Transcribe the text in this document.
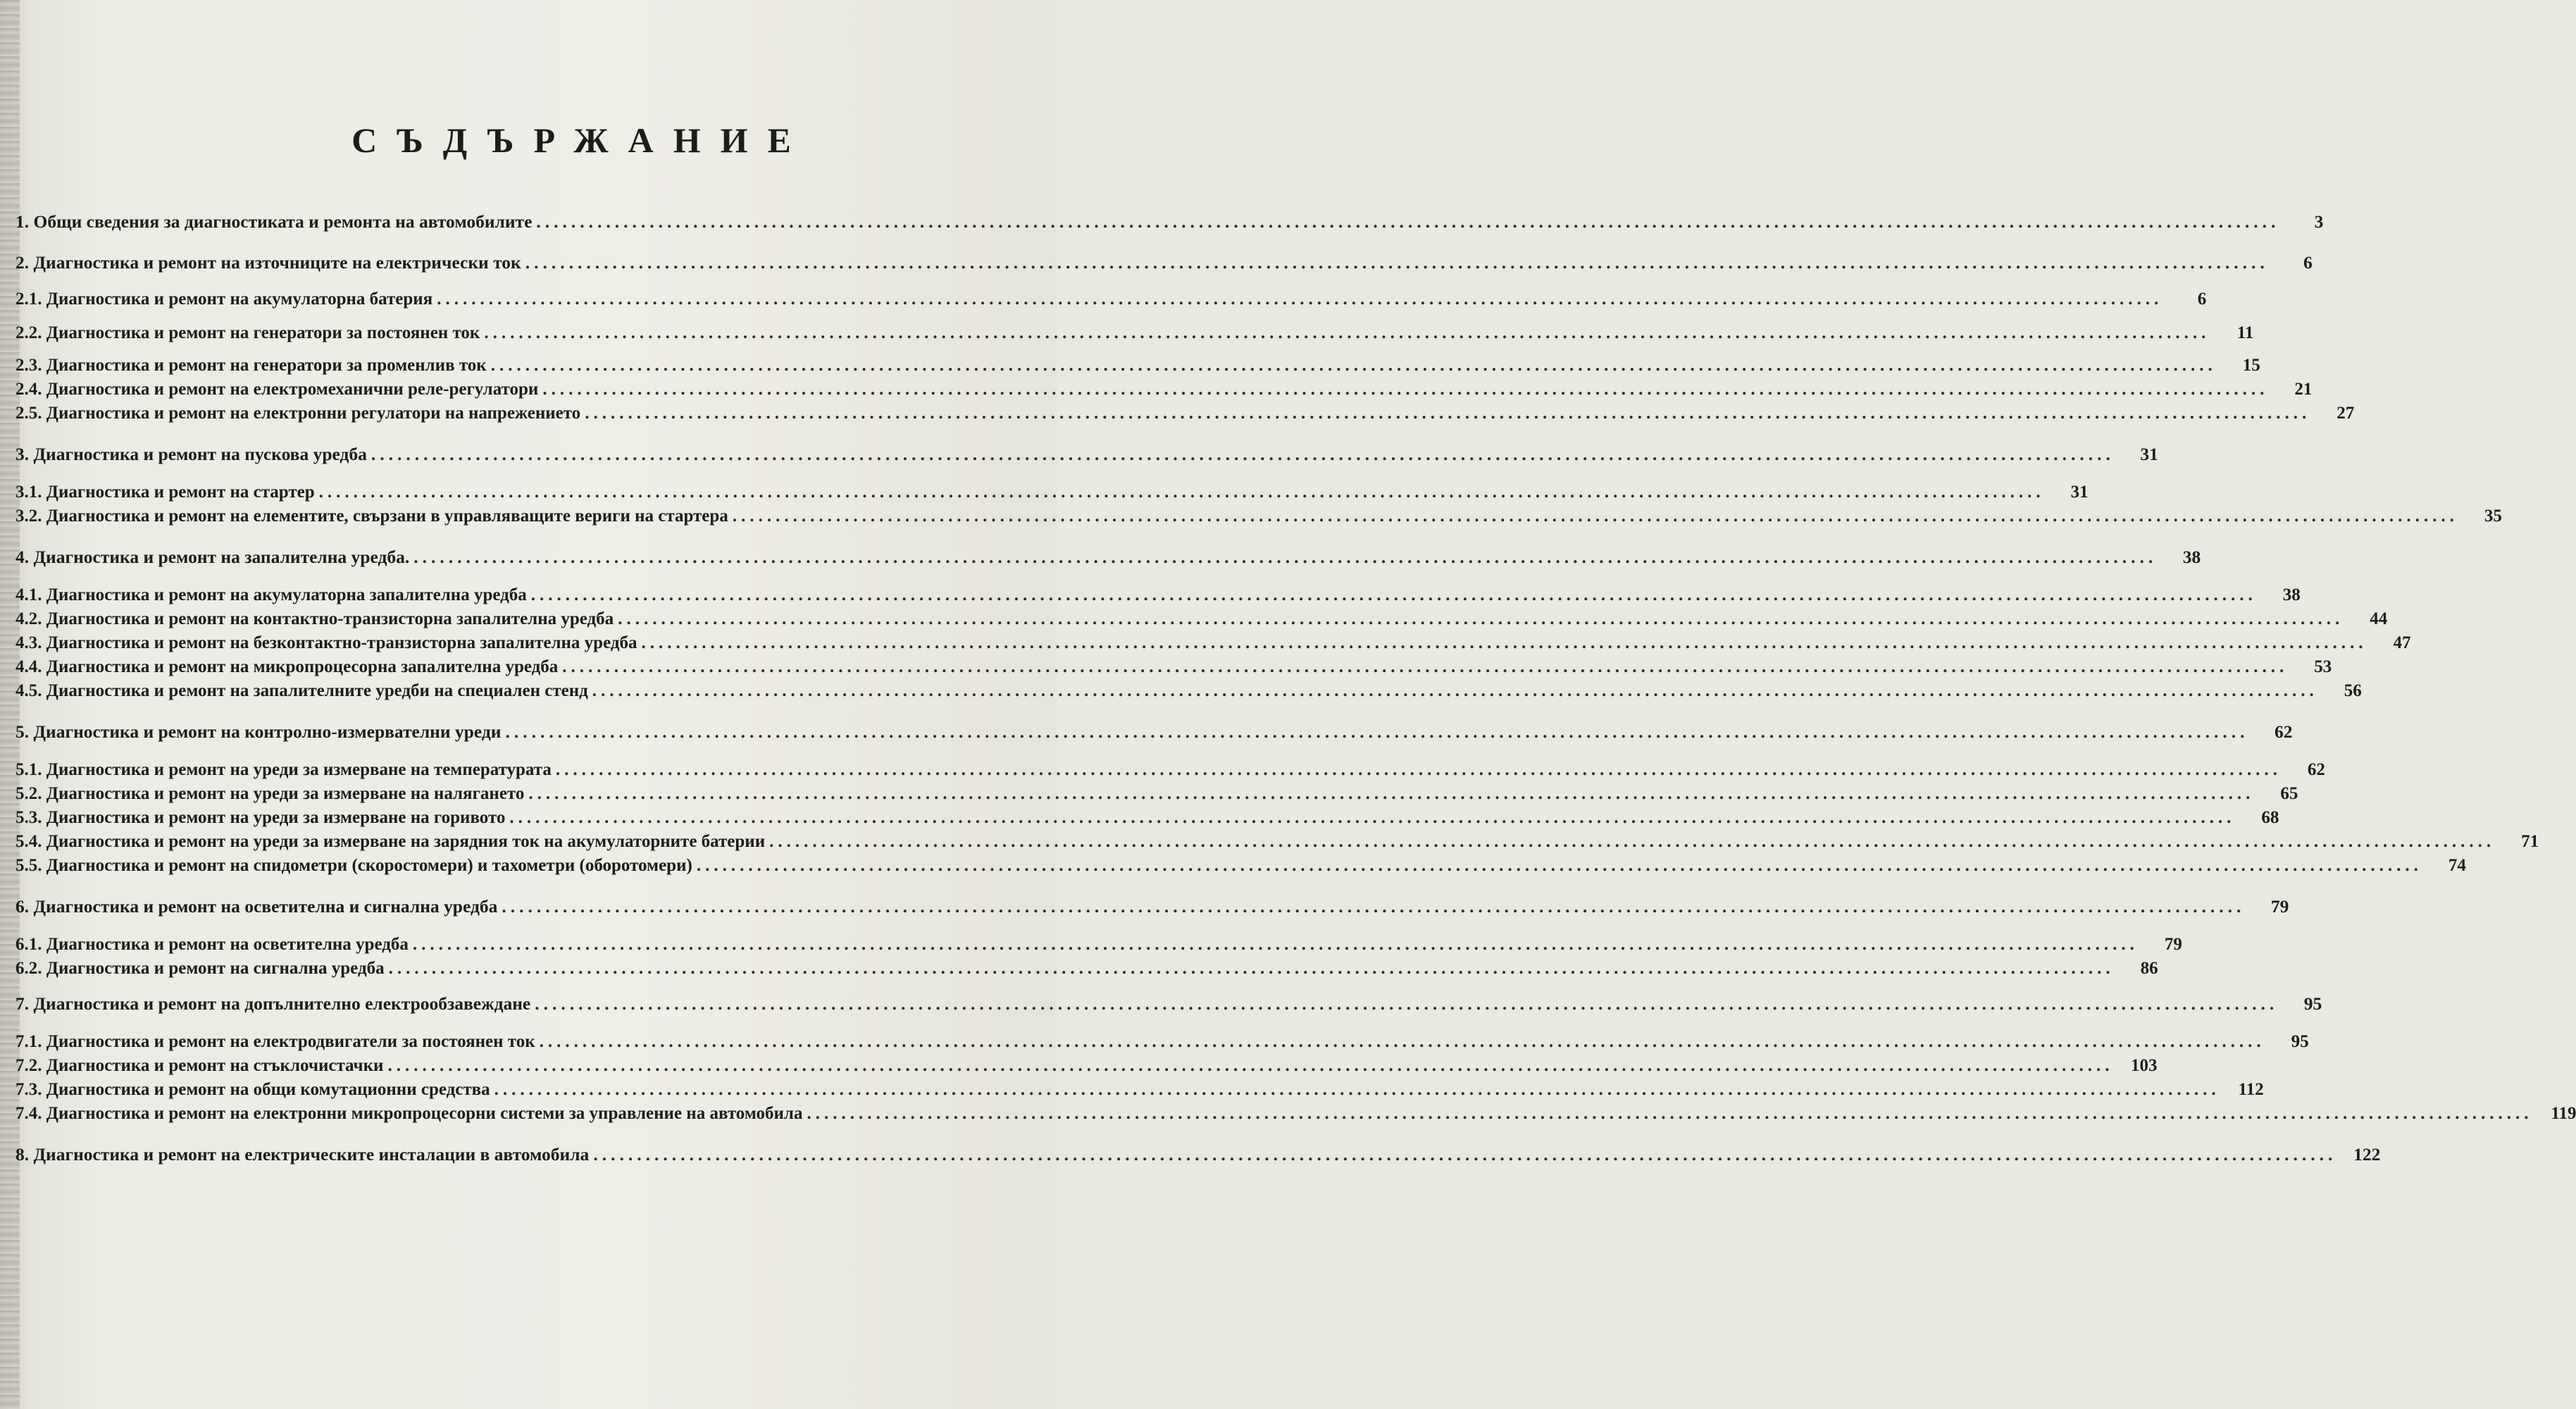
СЪДЪРЖАНИЕ
1. Общи сведения за диагностиката и ремонта на автомобилите ........................................................................................................................................................................................................	3
2. Диагностика и ремонт на източниците на електрически ток ........................................................................................................................................................................................................	6
2.1. Диагностика и ремонт на акумулаторна батерия ........................................................................................................................................................................................................	6
2.2. Диагностика и ремонт на генератори за постоянен ток ........................................................................................................................................................................................................	11
2.3. Диагностика и ремонт на генератори за променлив ток ........................................................................................................................................................................................................	15
2.4. Диагностика и ремонт на електромеханични реле-регулатори ........................................................................................................................................................................................................	21
2.5. Диагностика и ремонт на електронни регулатори на напрежението ........................................................................................................................................................................................................	27
3. Диагностика и ремонт на пускова уредба ........................................................................................................................................................................................................	31
3.1. Диагностика и ремонт на стартер ........................................................................................................................................................................................................	31
3.2. Диагностика и ремонт на елементите, свързани в управляващите вериги на стартера ........................................................................................................................................................................................................	35
4. Диагностика и ремонт на запалителна уредба. ........................................................................................................................................................................................................	38
4.1. Диагностика и ремонт на акумулаторна запалителна уредба ........................................................................................................................................................................................................	38
4.2. Диагностика и ремонт на контактно-транзисторна запалителна уредба ........................................................................................................................................................................................................	44
4.3. Диагностика и ремонт на безконтактно-транзисторна запалителна уредба ........................................................................................................................................................................................................	47
4.4. Диагностика и ремонт на микропроцесорна запалителна уредба ........................................................................................................................................................................................................	53
4.5. Диагностика и ремонт на запалителните уредби на специален стенд ........................................................................................................................................................................................................	56
5. Диагностика и ремонт на контролно-измервателни уреди ........................................................................................................................................................................................................	62
5.1. Диагностика и ремонт на уреди за измерване на температурата ........................................................................................................................................................................................................	62
5.2. Диагностика и ремонт на уреди за измерване на налягането ........................................................................................................................................................................................................	65
5.3. Диагностика и ремонт на уреди за измерване на горивото ........................................................................................................................................................................................................	68
5.4. Диагностика и ремонт на уреди за измерване на зарядния ток на акумулаторните батерии ........................................................................................................................................................................................................	71
5.5. Диагностика и ремонт на спидометри (скоростомери) и тахометри (оборотомери) ........................................................................................................................................................................................................	74
6. Диагностика и ремонт на осветителна и сигнална уредба ........................................................................................................................................................................................................	79
6.1. Диагностика и ремонт на осветителна уредба ........................................................................................................................................................................................................	79
6.2. Диагностика и ремонт на сигнална уредба ........................................................................................................................................................................................................	86
7. Диагностика и ремонт на допълнително електрообзавеждане ........................................................................................................................................................................................................	95
7.1. Диагностика и ремонт на електродвигатели за постоянен ток ........................................................................................................................................................................................................	95
7.2. Диагностика и ремонт на стъклочистачки ........................................................................................................................................................................................................ 103
7.3. Диагностика и ремонт на общи комутационни средства ........................................................................................................................................................................................................	112
7.4. Диагностика и ремонт на електронни микропроцесорни системи за управление на автомобила ........................................................................................................................................................................................................	119
8. Диагностика и ремонт на електрическите инсталации в автомобила ........................................................................................................................................................................................................ 122
